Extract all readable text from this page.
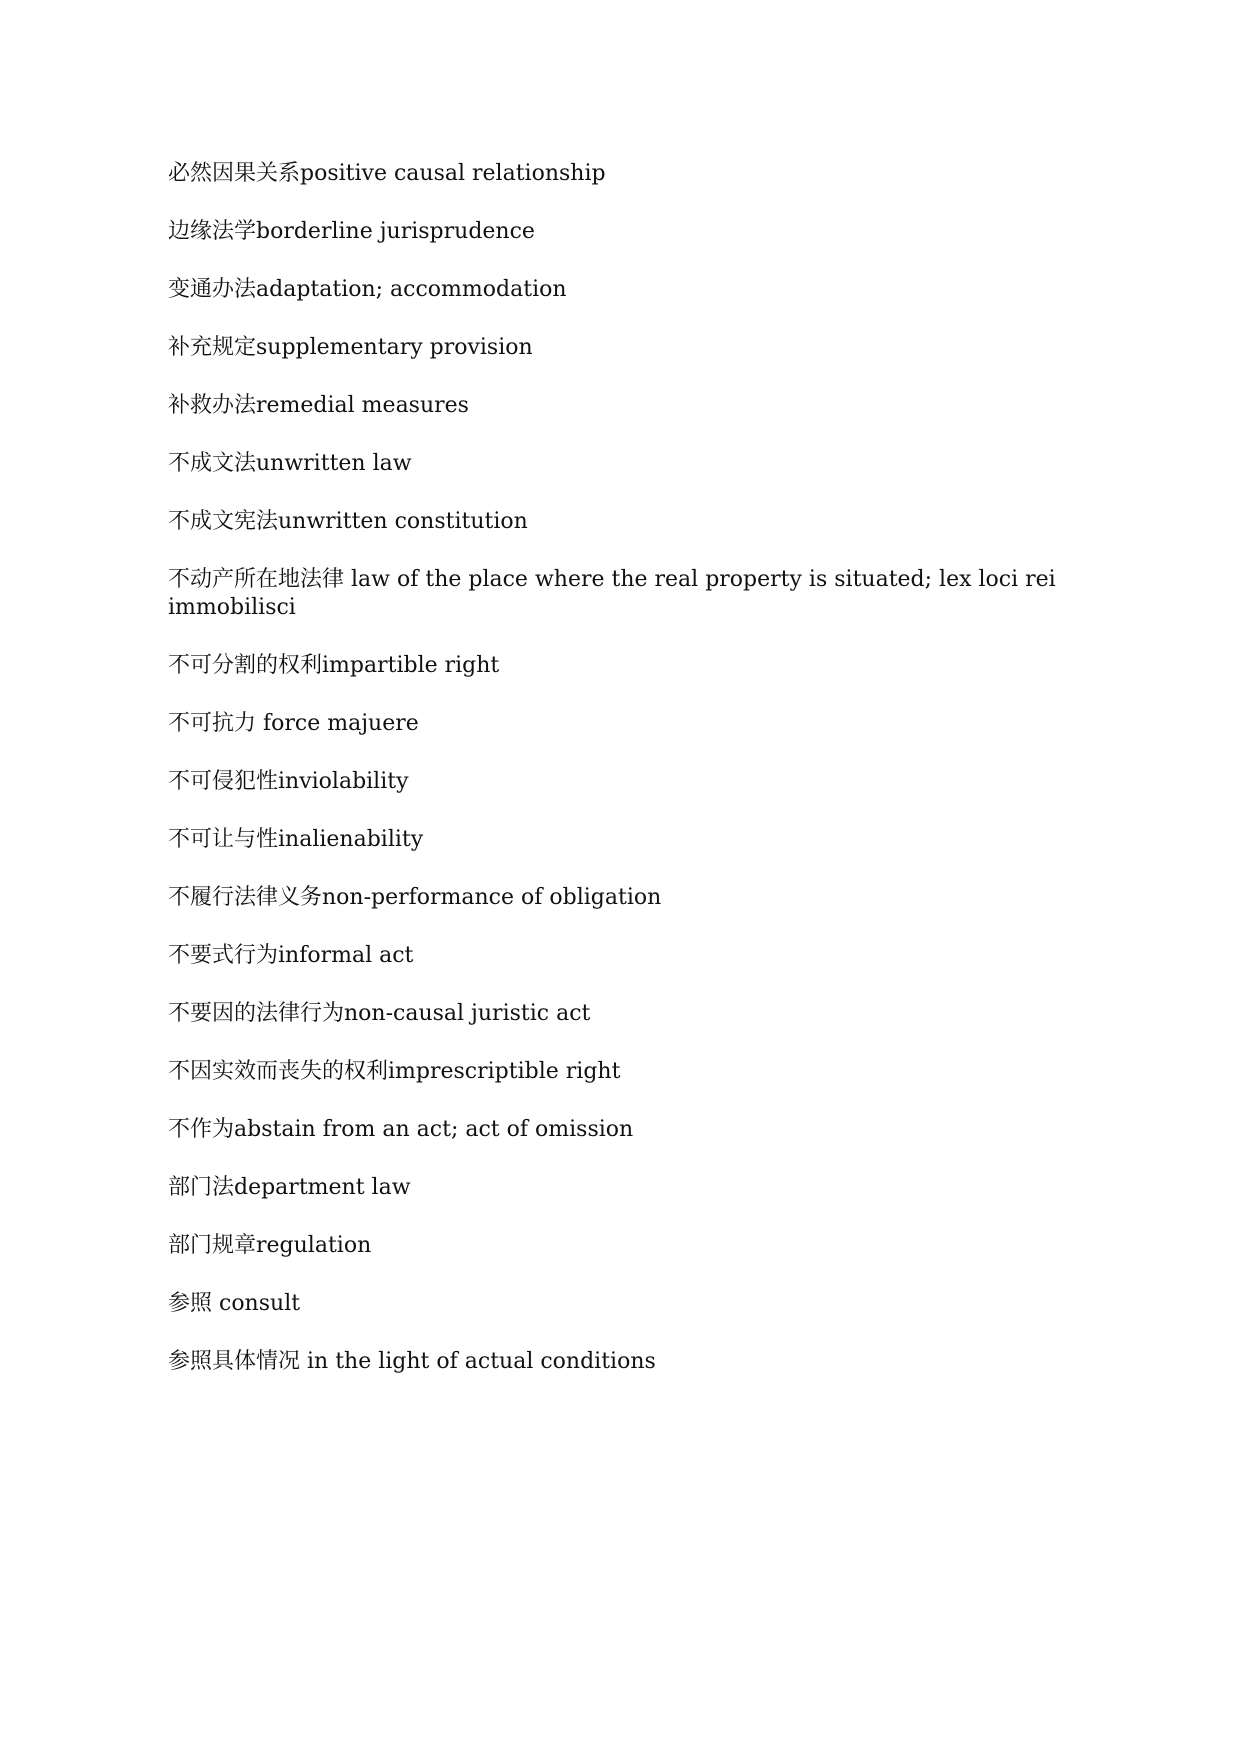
必然因果关系positive causal relationship

边缘法学borderline jurisprudence

变通办法adaptation; accommodation

补充规定supplementary provision

补救办法remedial measures

不成文法unwritten law

不成文宪法unwritten constitution

不动产所在地法律 law of the place where the real property is situated; lex loci rei immobilisci

不可分割的权利impartible right

不可抗力 force majuere

不可侵犯性inviolability

不可让与性inalienability

不履行法律义务non-performance of obligation

不要式行为informal act

不要因的法律行为non-causal juristic act

不因实效而丧失的权利imprescriptible right

不作为abstain from an act; act of omission

部门法department law

部门规章regulation

参照 consult

参照具体情况 in the light of actual conditions
